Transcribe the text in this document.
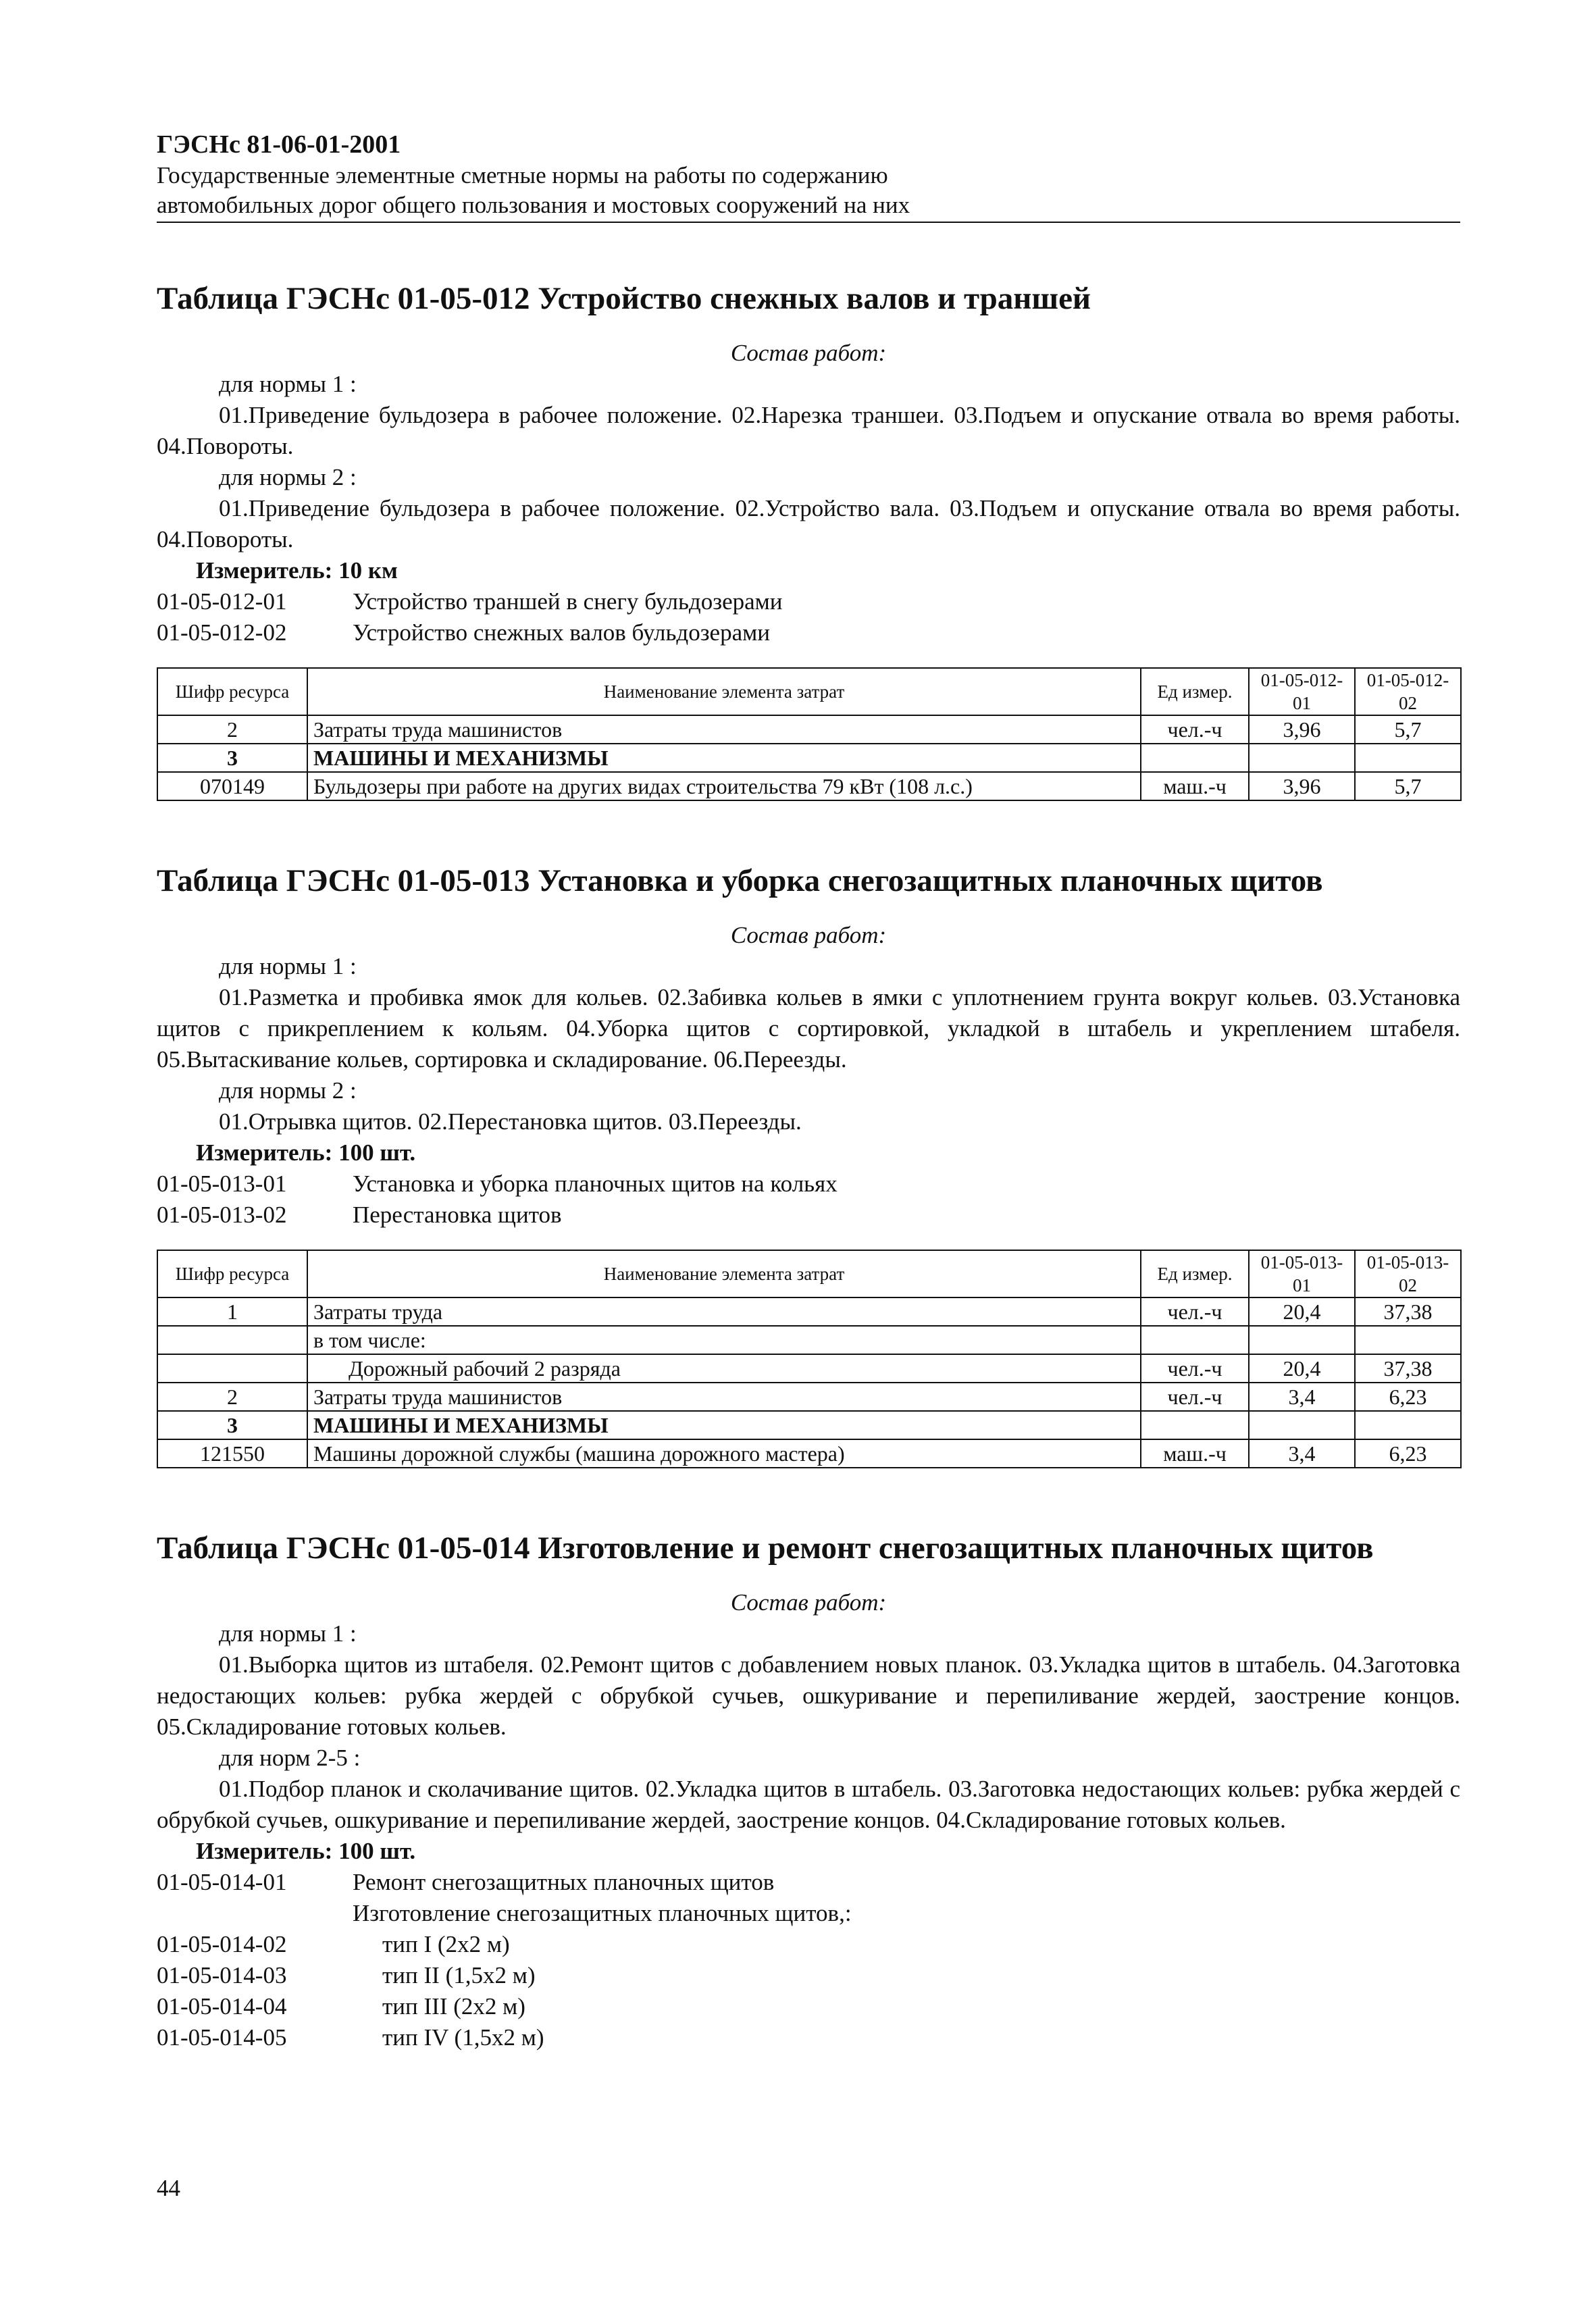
ГЭСНс 81-06-01-2001
Государственные элементные сметные нормы на работы по содержанию
автомобильных дорог общего пользования и мостовых сооружений на них
Таблица ГЭСНс 01-05-012 Устройство снежных валов и траншей
Состав работ:
для нормы 1 :
01.Приведение бульдозера в рабочее положение. 02.Нарезка траншеи. 03.Подъем и опускание отвала во время работы. 04.Повороты.
для нормы 2 :
01.Приведение бульдозера в рабочее положение. 02.Устройство вала. 03.Подъем и опускание отвала во время работы. 04.Повороты.
Измеритель: 10 км
01-05-012-01	Устройство траншей в снегу бульдозерами
01-05-012-02	Устройство снежных валов бульдозерами
Шифр ресурса	Наименование элемента затрат	Ед измер.	01-05-012-01	01-05-012-02
2	Затраты труда машинистов	чел.-ч	3,96	5,7
3	МАШИНЫ И МЕХАНИЗМЫ			
070149	Бульдозеры при работе на других видах строительства 79 кВт (108 л.с.)	маш.-ч	3,96	5,7
Таблица ГЭСНс 01-05-013 Установка и уборка снегозащитных планочных щитов
Состав работ:
для нормы 1 :
01.Разметка и пробивка ямок для кольев. 02.Забивка кольев в ямки с уплотнением грунта вокруг кольев. 03.Установка щитов с прикреплением к кольям. 04.Уборка щитов с сортировкой, укладкой в штабель и укреплением штабеля. 05.Вытаскивание кольев, сортировка и складирование. 06.Переезды.
для нормы 2 :
01.Отрывка щитов. 02.Перестановка щитов. 03.Переезды.
Измеритель: 100 шт.
01-05-013-01	Установка и уборка планочных щитов на кольях
01-05-013-02	Перестановка щитов
Шифр ресурса	Наименование элемента затрат	Ед измер.	01-05-013-01	01-05-013-02
1	Затраты труда	чел.-ч	20,4	37,38
	в том числе:			
	Дорожный рабочий 2 разряда	чел.-ч	20,4	37,38
2	Затраты труда машинистов	чел.-ч	3,4	6,23
3	МАШИНЫ И МЕХАНИЗМЫ			
121550	Машины дорожной службы (машина дорожного мастера)	маш.-ч	3,4	6,23
Таблица ГЭСНс 01-05-014 Изготовление и ремонт снегозащитных планочных щитов
Состав работ:
для нормы 1 :
01.Выборка щитов из штабеля. 02.Ремонт щитов с добавлением новых планок. 03.Укладка щитов в штабель. 04.Заготовка недостающих кольев: рубка жердей с обрубкой сучьев, ошкуривание и перепиливание жердей, заострение концов. 05.Складирование готовых кольев.
для норм 2-5 :
01.Подбор планок и сколачивание щитов. 02.Укладка щитов в штабель. 03.Заготовка недостающих кольев: рубка жердей с обрубкой сучьев, ошкуривание и перепиливание жердей, заострение концов. 04.Складирование готовых кольев.
Измеритель: 100 шт.
01-05-014-01	Ремонт снегозащитных планочных щитов
Изготовление снегозащитных планочных щитов,:
01-05-014-02	тип I (2x2 м)
01-05-014-03	тип II (1,5x2 м)
01-05-014-04	тип III (2x2 м)
01-05-014-05	тип IV (1,5x2 м)
44
